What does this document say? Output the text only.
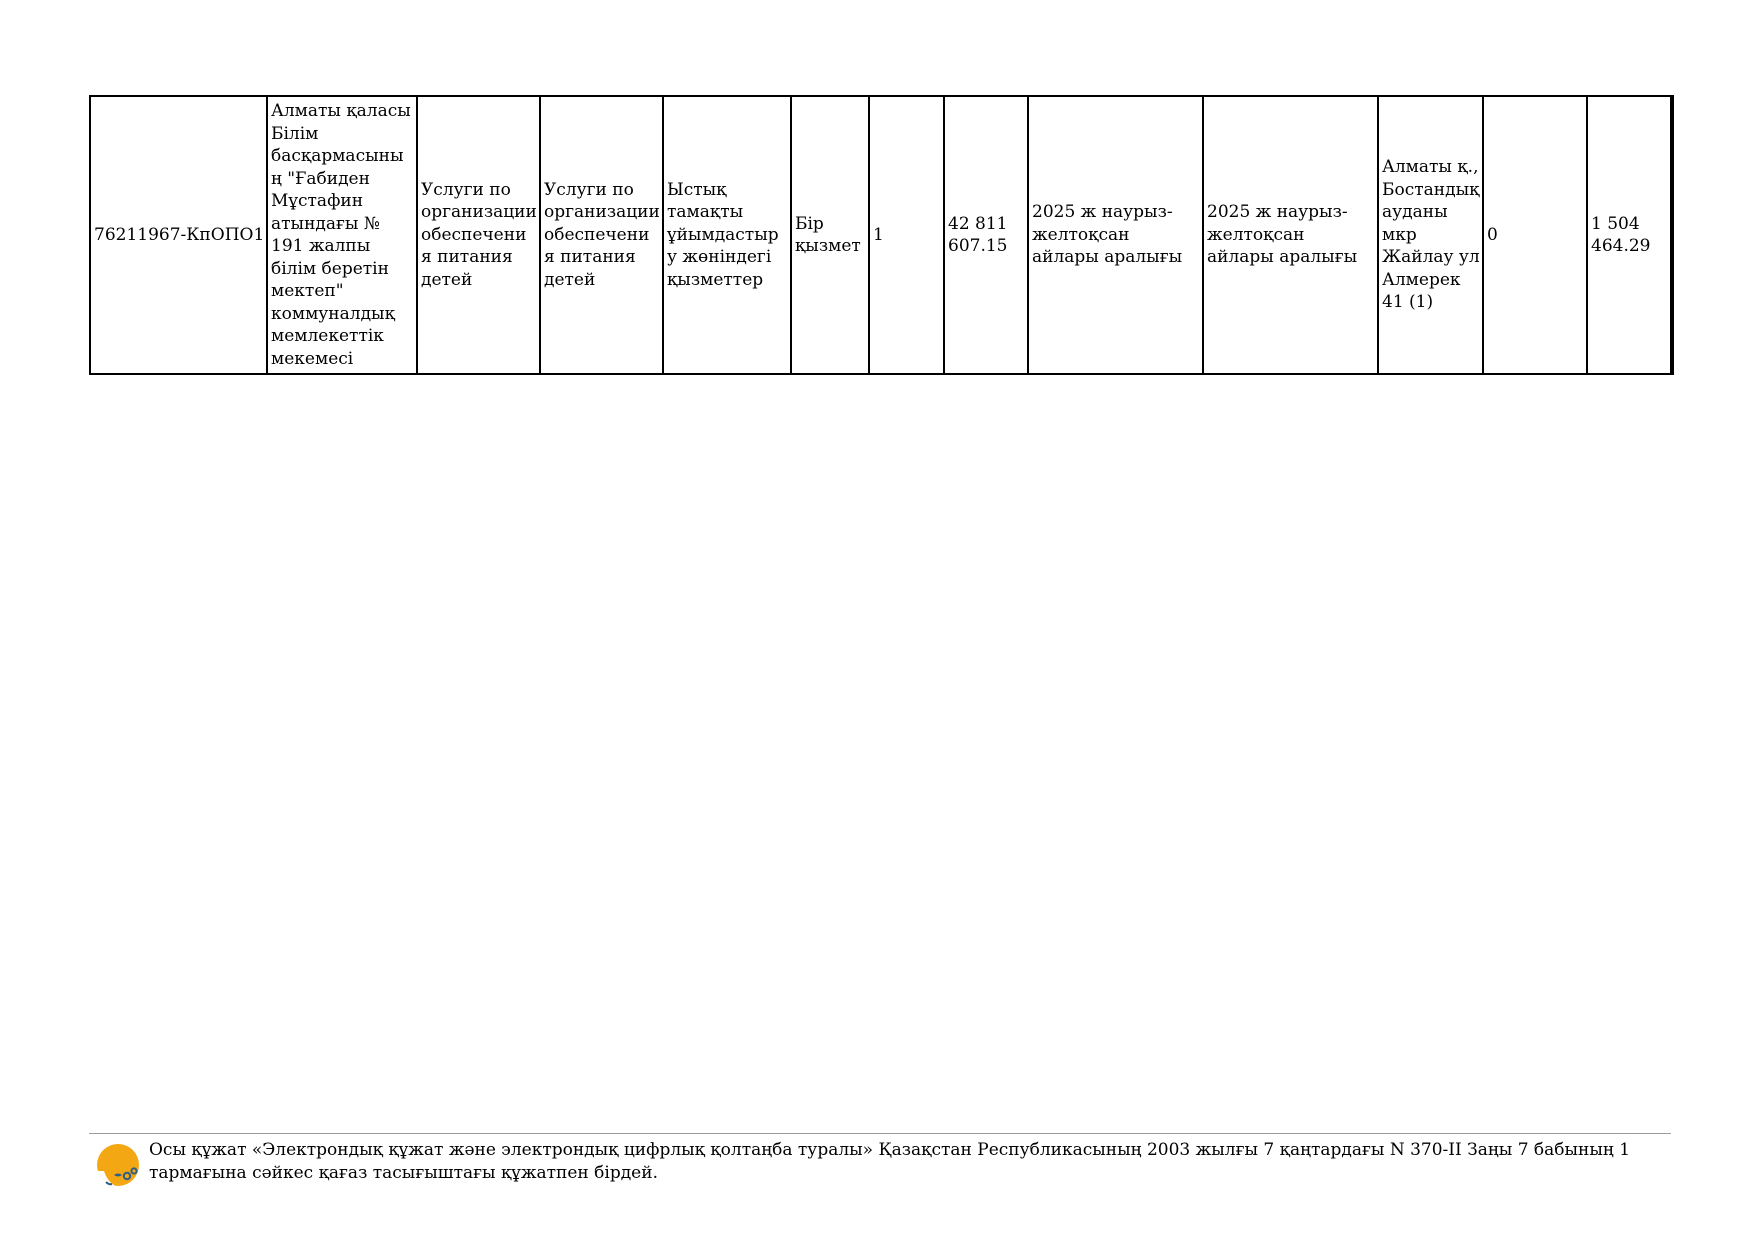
76211967-КпОПО1	Алматы қаласы Білім басқармасының "Ғабиден Мұстафин атындағы № 191 жалпы білім беретін мектеп" коммуналдық мемлекеттік мекемесі	Услуги по организации обеспечения питания детей	Услуги по организации обеспечения питания детей	Ыстық тамақты ұйымдастыру жөніндегі қызметтер	Бір қызмет	1	42 811 607.15	2025 ж наурыз-желтоқсан айлары аралығы	2025 ж наурыз-желтоқсан айлары аралығы	Алматы қ., Бостандық ауданы мкр Жайлау ул Алмерек 41 (1)	0	1 504 464.29
Осы құжат «Электрондық құжат және электрондық цифрлық қолтаңба туралы» Қазақстан Республикасының 2003 жылғы 7 қаңтардағы N 370-II Заңы 7 бабының 1 тармағына сәйкес қағаз тасығыштағы құжатпен бірдей.
